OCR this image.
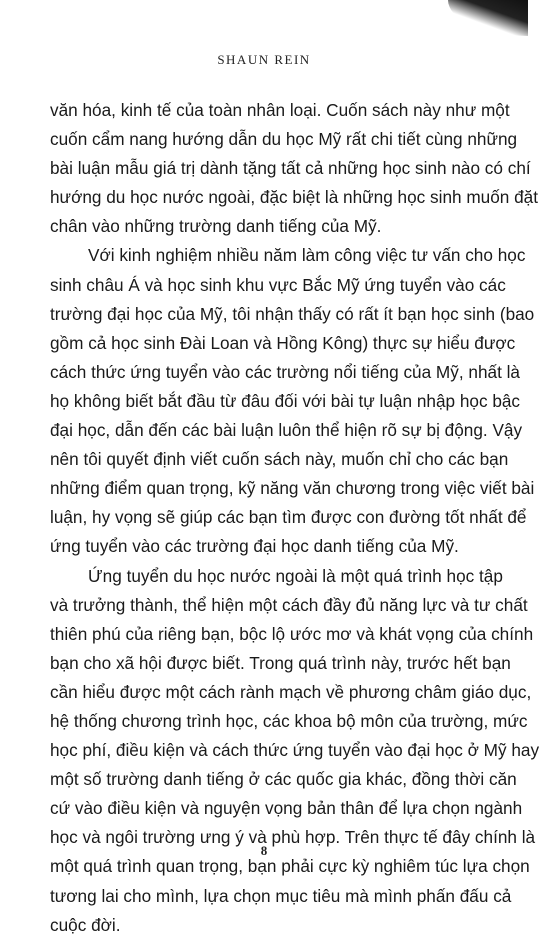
SHAUN REIN

văn hóa, kinh tế của toàn nhân loại. Cuốn sách này như một
cuốn cẩm nang hướng dẫn du học Mỹ rất chi tiết cùng những
bài luận mẫu giá trị dành tặng tất cả những học sinh nào có chí
hướng du học nước ngoài, đặc biệt là những học sinh muốn đặt
chân vào những trường danh tiếng của Mỹ.

Với kinh nghiệm nhiều năm làm công việc tư vấn cho học
sinh châu Á và học sinh khu vực Bắc Mỹ ứng tuyển vào các
trường đại học của Mỹ, tôi nhận thấy có rất ít bạn học sinh (bao
gồm cả học sinh Đài Loan và Hồng Kông) thực sự hiểu được
cách thức ứng tuyển vào các trường nổi tiếng của Mỹ, nhất là
họ không biết bắt đầu từ đâu đối với bài tự luận nhập học bậc
đại học, dẫn đến các bài luận luôn thể hiện rõ sự bị động. Vậy
nên tôi quyết định viết cuốn sách này, muốn chỉ cho các bạn
những điểm quan trọng, kỹ năng văn chương trong việc viết bài
luận, hy vọng sẽ giúp các bạn tìm được con đường tốt nhất để
ứng tuyển vào các trường đại học danh tiếng của Mỹ.

Ứng tuyển du học nước ngoài là một quá trình học tập
và trưởng thành, thể hiện một cách đầy đủ năng lực và tư chất
thiên phú của riêng bạn, bộc lộ ước mơ và khát vọng của chính
bạn cho xã hội được biết. Trong quá trình này, trước hết bạn
cần hiểu được một cách rành mạch về phương châm giáo dục,
hệ thống chương trình học, các khoa bộ môn của trường, mức
học phí, điều kiện và cách thức ứng tuyển vào đại học ở Mỹ hay
một số trường danh tiếng ở các quốc gia khác, đồng thời căn
cứ vào điều kiện và nguyện vọng bản thân để lựa chọn ngành
học và ngôi trường ưng ý và phù hợp. Trên thực tế đây chính là
một quá trình quan trọng, bạn phải cực kỳ nghiêm túc lựa chọn
tương lai cho mình, lựa chọn mục tiêu mà mình phấn đấu cả
cuộc đời.

8
